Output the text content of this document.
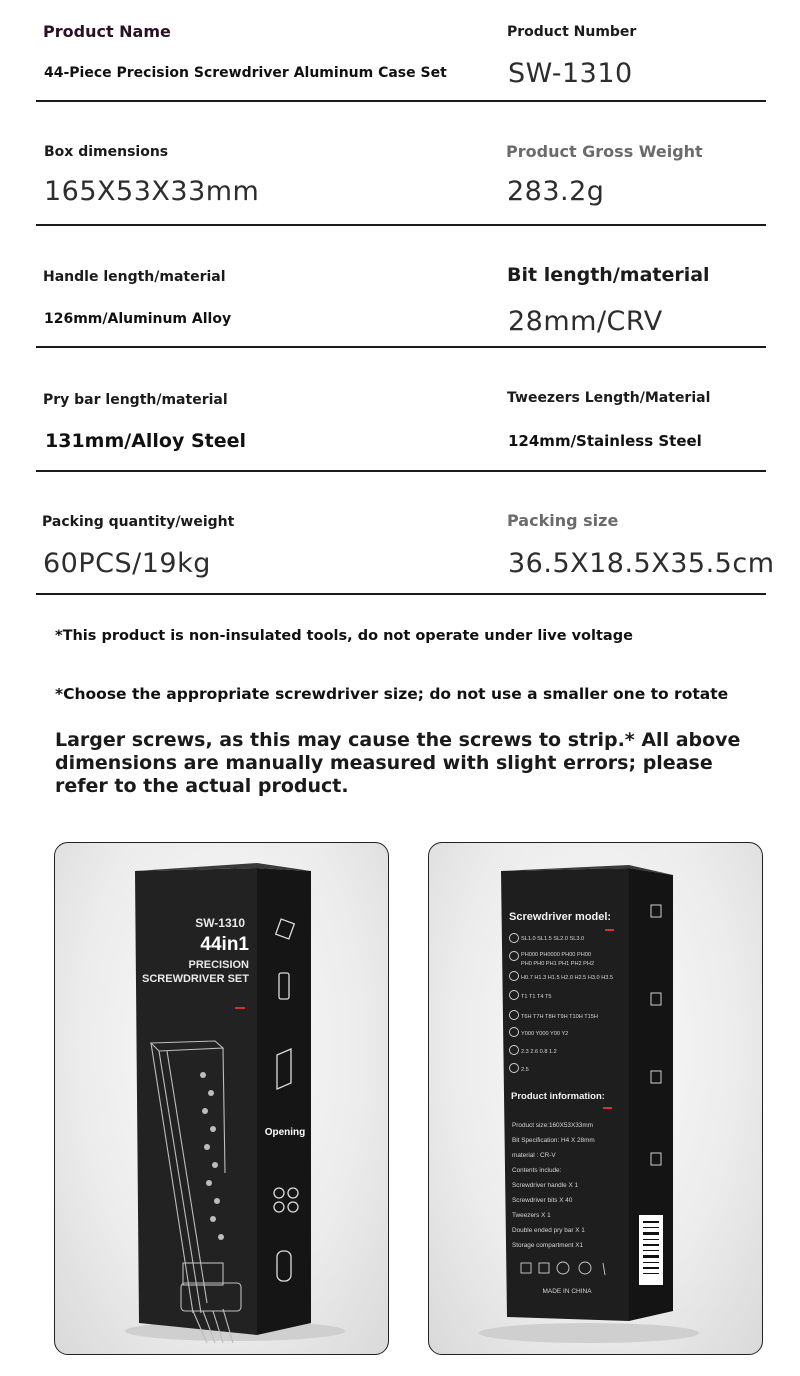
Product Name
44-Piece Precision Screwdriver Aluminum Case Set
Product Number
SW-1310
Box dimensions
165X53X33mm
Product Gross Weight
283.2g
Handle length/material
126mm/Aluminum Alloy
Bit length/material
28mm/CRV
Pry bar length/material
131mm/Alloy Steel
Tweezers Length/Material
124mm/Stainless Steel
Packing quantity/weight
60PCS/19kg
Packing size
36.5X18.5X35.5cm
*This product is non-insulated tools, do not operate under live voltage
*Choose the appropriate screwdriver size; do not use a smaller one to rotate
Larger screws, as this may cause the screws to strip.* All above dimensions are manually measured with slight errors; please refer to the actual product.
SW-1310
44in1
PRECISION
SCREWDRIVER SET
Opening
Screwdriver model:
SL1.0 SL1.5 SL2.0 SL3.0
PH000 PH0000 PH00 PH00
PH0 PH0 PH1 PH1 PH2 PH2
H0.7 H1.3 H1.5 H2.0 H2.5 H3.0 H3.5
T1 T1 T4 T5
T6H T7H T8H T9H T10H T15H
Y000 Y000 Y00 Y2
2.3 2.6 0.8 1.2
2.5
Product information:
Product size:160X53X33mm
Bit Specification: H4 X 28mm
material : CR-V
Contents include:
Screwdriver handle X 1
Screwdriver bits X 40
Tweezers X 1
Double ended pry bar X 1
Storage compartment X1
MADE IN CHINA
